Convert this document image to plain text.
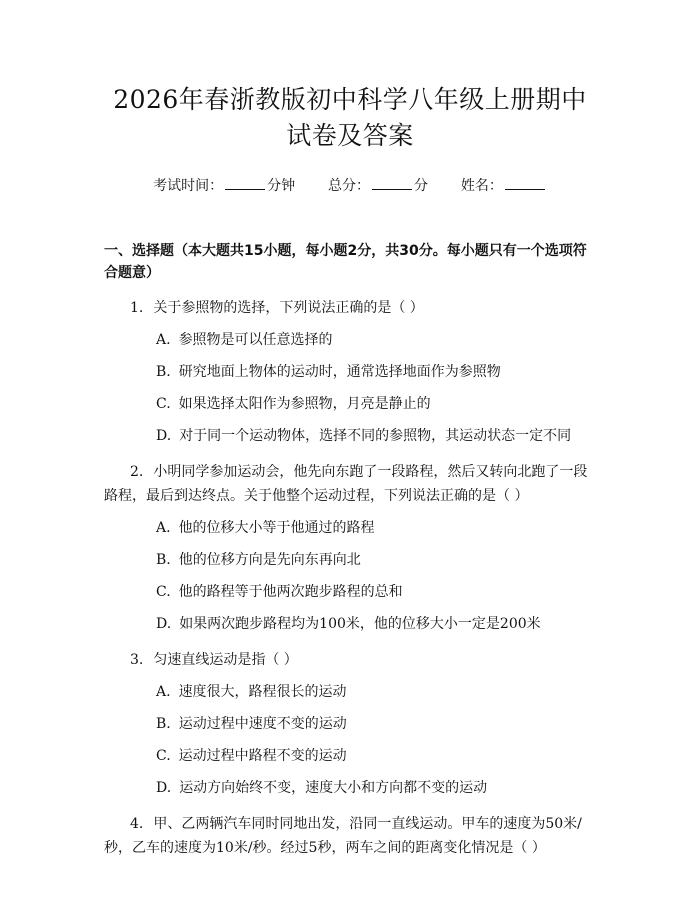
2026年春浙教版初中科学八年级上册期中试卷及答案
考试时间：	分钟 总分：	分 姓名：
一、选择题（本大题共15小题，每小题2分，共30分。每小题只有一个选项符合题意）
1. 关于参照物的选择，下列说法正确的是（ ）
A. 参照物是可以任意选择的
B. 研究地面上物体的运动时，通常选择地面作为参照物
C. 如果选择太阳作为参照物，月亮是静止的
D. 对于同一个运动物体，选择不同的参照物，其运动状态一定不同
2. 小明同学参加运动会，他先向东跑了一段路程，然后又转向北跑了一段路程，最后到达终点。关于他整个运动过程，下列说法正确的是（ ）
A. 他的位移大小等于他通过的路程
B. 他的位移方向是先向东再向北
C. 他的路程等于他两次跑步路程的总和
D. 如果两次跑步路程均为100米，他的位移大小一定是200米
3. 匀速直线运动是指（ ）
A. 速度很大，路程很长的运动
B. 运动过程中速度不变的运动
C. 运动过程中路程不变的运动
D. 运动方向始终不变，速度大小和方向都不变的运动
4. 甲、乙两辆汽车同时同地出发，沿同一直线运动。甲车的速度为50米/秒，乙车的速度为10米/秒。经过5秒，两车之间的距离变化情况是（ ）
